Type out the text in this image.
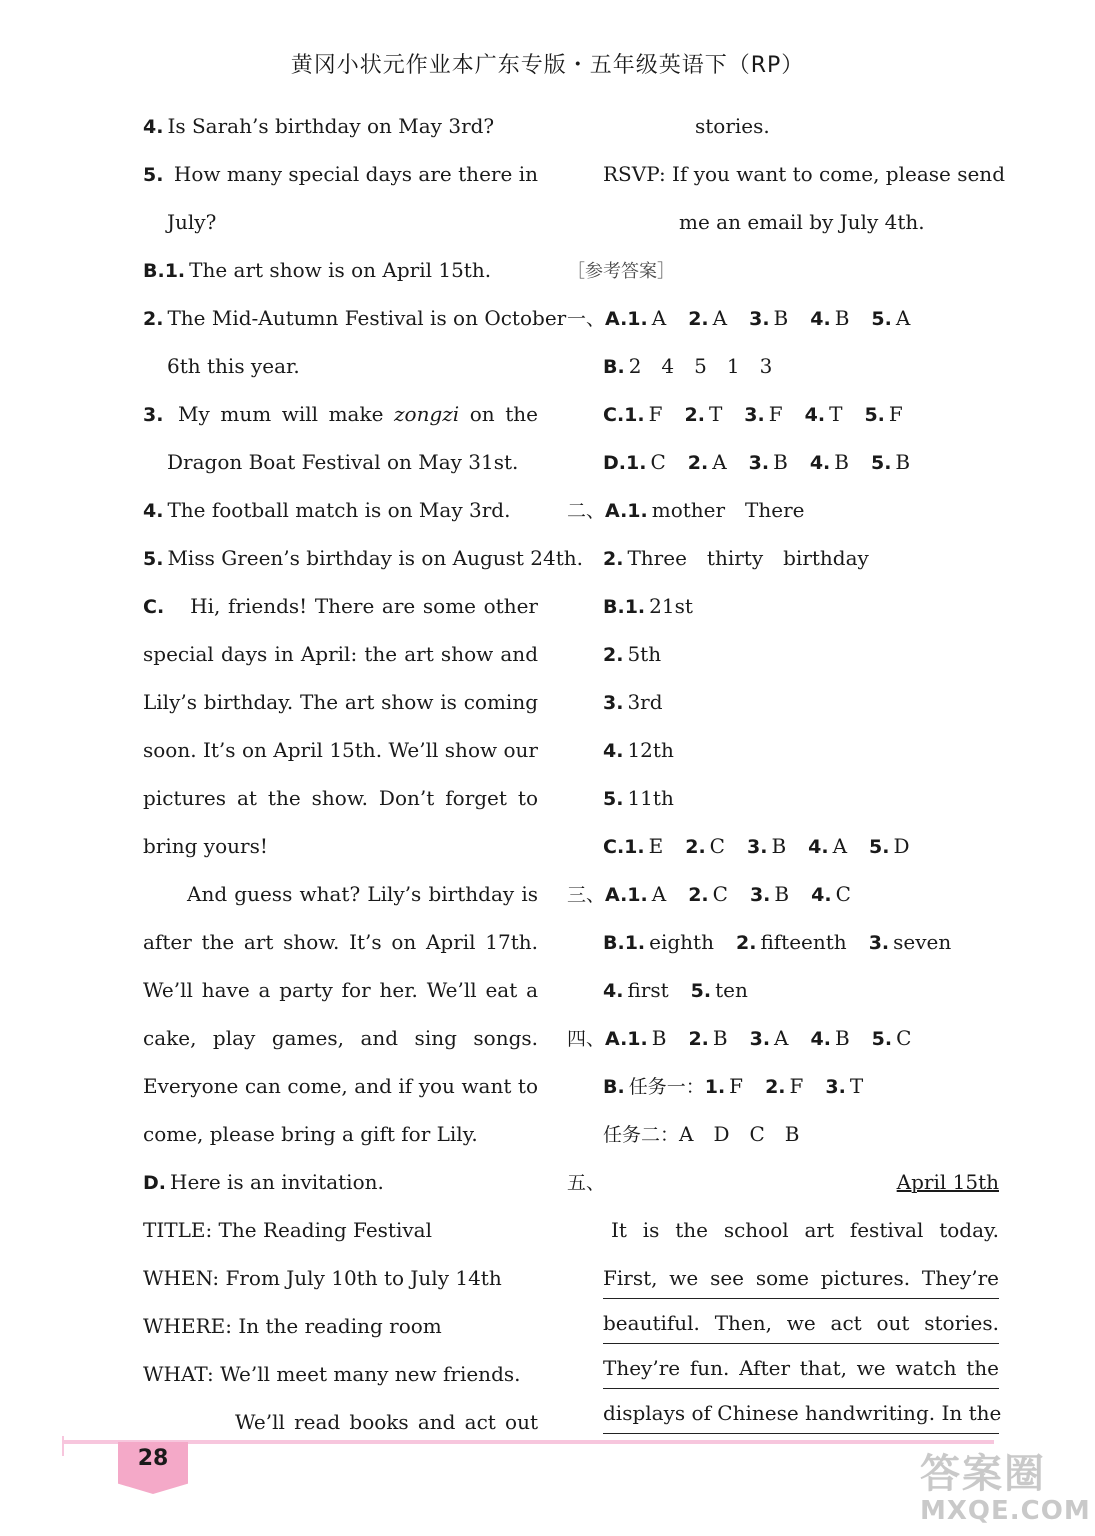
黄冈小状元作业本广东专版・五年级英语下（RP）
4. Is Sarah’s birthday on May 3rd?
5. How many special days are there in
July?
B.1. The art show is on April 15th.
2. The Mid-Autumn Festival is on October
6th this year.
3. My mum will make zongzi on the
Dragon Boat Festival on May 31st.
4. The football match is on May 3rd.
5. Miss Green’s birthday is on August 24th.
C. Hi, friends! There are some other
special days in April: the art show and
Lily’s birthday. The art show is coming
soon. It’s on April 15th. We’ll show our
pictures at the show. Don’t forget to
bring yours!
And guess what? Lily’s birthday is
after the art show. It’s on April 17th.
We’ll have a party for her. We’ll eat a
cake, play games, and sing songs.
Everyone can come, and if you want to
come, please bring a gift for Lily.
D. Here is an invitation.
TITLE: The Reading Festival
WHEN: From July 10th to July 14th
WHERE: In the reading room
WHAT: We’ll meet many new friends.
We’ll read books and act out
stories.
RSVP: If you want to come, please send
me an email by July 4th.
［参考答案］
一、A.1. A 2. A 3. B 4. B 5. A
B. 2　4　5　1　3
C.1. F 2. T 3. F 4. T 5. F
D.1. C 2. A 3. B 4. B 5. B
二、A.1. mother　There
2. Three　thirty　birthday
B.1. 21st
2. 5th
3. 3rd
4. 12th
5. 11th
C.1. E 2. C 3. B 4. A 5. D
三、A.1. A 2. C 3. B 4. C
B.1. eighth 2. fifteenth 3. seven
4. first 5. ten
四、A.1. B 2. B 3. A 4. B 5. C
B. 任务一：1. F 2. F 3. T
任务二：A　D　C　B
五、	April 15th
It is the school art festival today.
First, we see some pictures. They’re
beautiful. Then, we act out stories.
They’re fun. After that, we watch the
displays of Chinese handwriting. In the
28	答案圈
MXQE.COM
